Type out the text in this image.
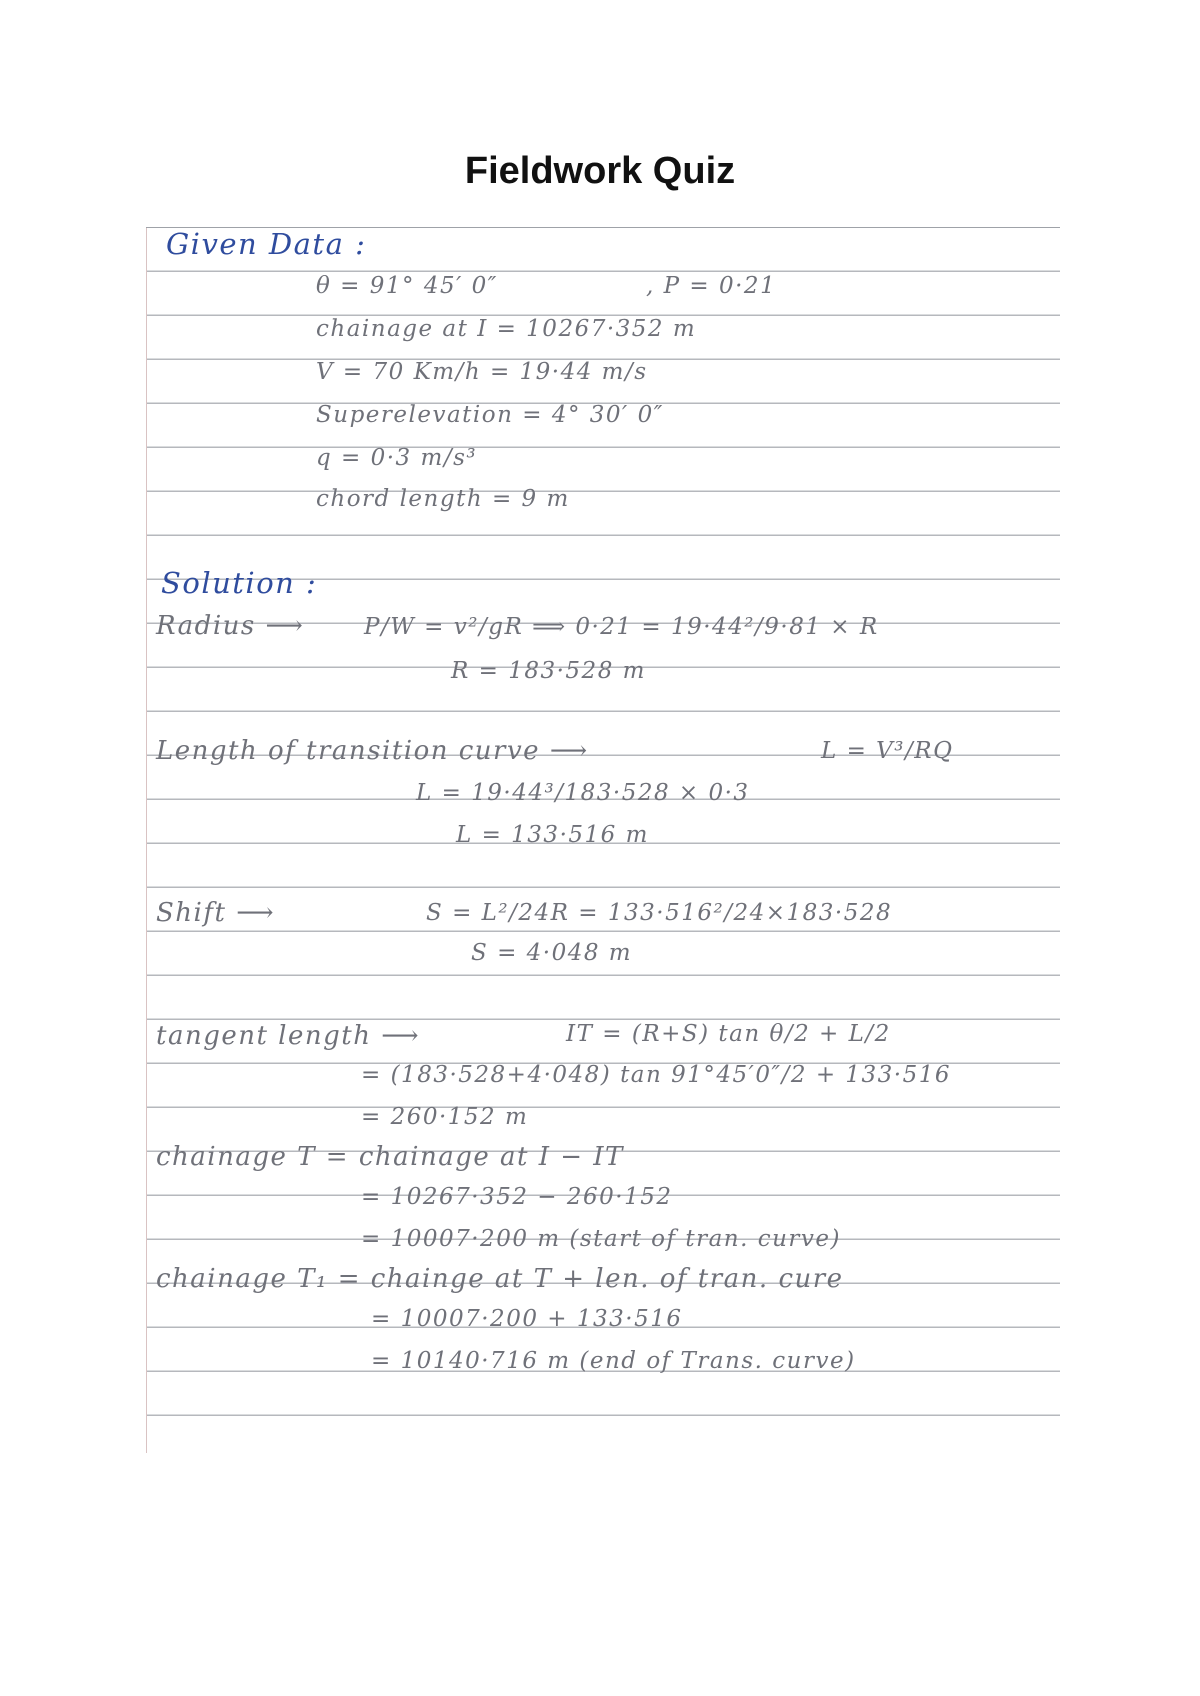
Fieldwork Quiz
Given Data :
θ = 91° 45′ 0″	, P = 0·21
chainage at I = 10267·352 m
V = 70 Km/h = 19·44 m/s
Superelevation = 4° 30′ 0″
q = 0·3 m/s³
chord length = 9 m
Solution :
Radius ⟶	P/W = v²/gR ⟹ 0·21 = 19·44²/9·81 × R
R = 183·528 m
Length of transition curve ⟶	L = V³/RQ
L = 19·44³/183·528 × 0·3
L = 133·516 m
Shift ⟶	S = L²/24R = 133·516²/24×183·528
S = 4·048 m
tangent length ⟶	IT = (R+S) tan θ/2 + L/2
= (183·528+4·048) tan 91°45′0″/2 + 133·516
= 260·152 m
chainage T = chainage at I − IT
= 10267·352 − 260·152
= 10007·200 m (start of tran. curve)
chainage T₁ = chainge at T + len. of tran. cure
= 10007·200 + 133·516
= 10140·716 m (end of Trans. curve)
